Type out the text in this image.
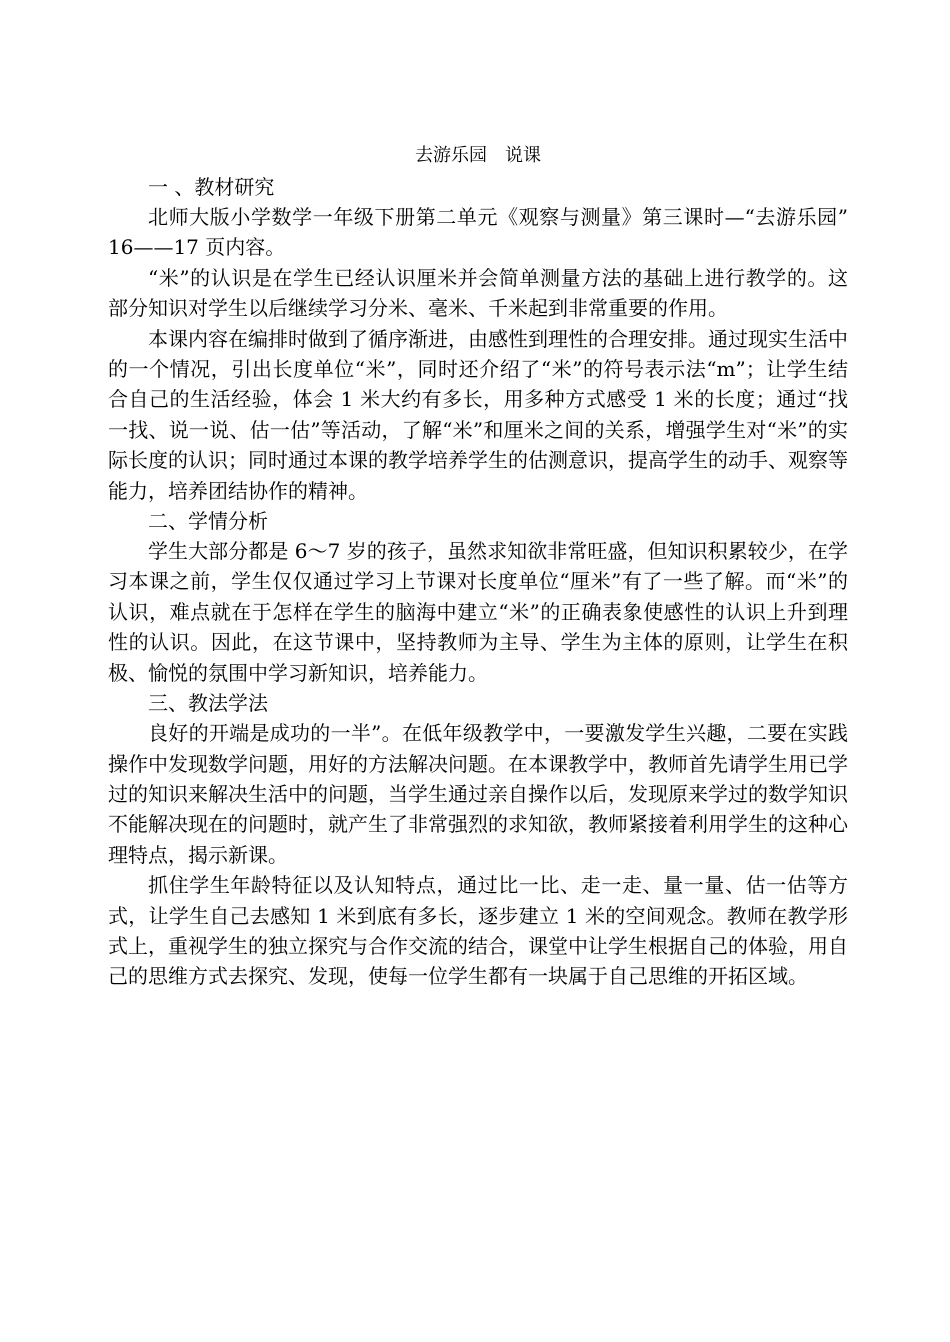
去游乐园　说课

一 、教材研究

北师大版小学数学一年级下册第二单元《观察与测量》第三课时—“去游乐园” 16——17 页内容。

“米”的认识是在学生已经认识厘米并会简单测量方法的基础上进行教学的。这部分知识对学生以后继续学习分米、毫米、千米起到非常重要的作用。

本课内容在编排时做到了循序渐进，由感性到理性的合理安排。通过现实生活中的一个情况，引出长度单位“米”，同时还介绍了“米”的符号表示法“m”；让学生结合自己的生活经验，体会 1 米大约有多长，用多种方式感受 1 米的长度；通过“找一找、说一说、估一估”等活动，了解“米”和厘米之间的关系，增强学生对“米”的实际长度的认识；同时通过本课的教学培养学生的估测意识，提高学生的动手、观察等能力，培养团结协作的精神。

二、学情分析

学生大部分都是 6～7 岁的孩子，虽然求知欲非常旺盛，但知识积累较少，在学习本课之前，学生仅仅通过学习上节课对长度单位“厘米”有了一些了解。而“米”的认识，难点就在于怎样在学生的脑海中建立“米”的正确表象使感性的认识上升到理性的认识。因此，在这节课中，坚持教师为主导、学生为主体的原则，让学生在积极、愉悦的氛围中学习新知识，培养能力。

三、教法学法

良好的开端是成功的一半”。在低年级教学中，一要激发学生兴趣，二要在实践操作中发现数学问题，用好的方法解决问题。在本课教学中，教师首先请学生用已学过的知识来解决生活中的问题，当学生通过亲自操作以后，发现原来学过的数学知识不能解决现在的问题时，就产生了非常强烈的求知欲，教师紧接着利用学生的这种心理特点，揭示新课。

抓住学生年龄特征以及认知特点，通过比一比、走一走、量一量、估一估等方式，让学生自己去感知 1 米到底有多长，逐步建立 1 米的空间观念。教师在教学形式上，重视学生的独立探究与合作交流的结合，课堂中让学生根据自己的体验，用自己的思维方式去探究、发现，使每一位学生都有一块属于自己思维的开拓区域。
